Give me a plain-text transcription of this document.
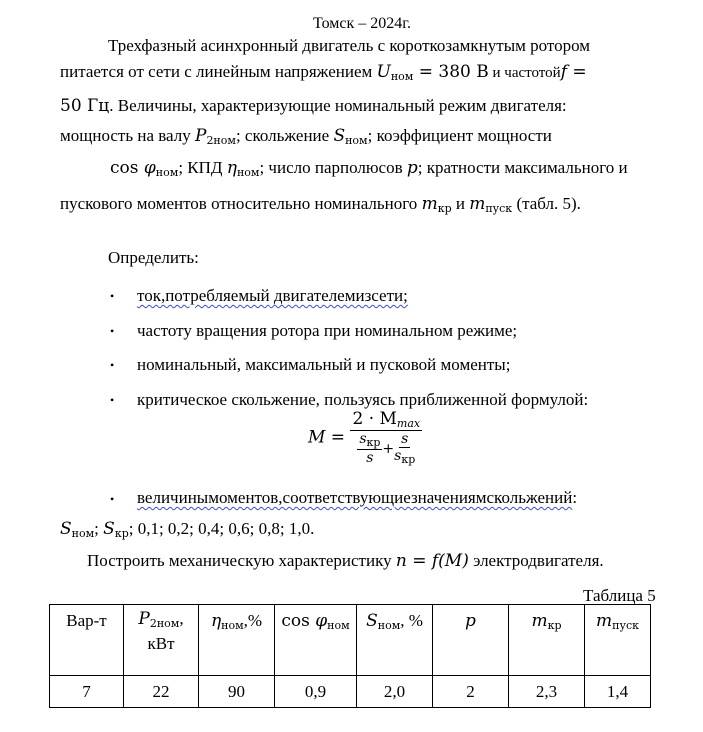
Томск – 2024г.
Трехфазный асинхронный двигатель с короткозамкнутым ротором
питается от сети с линейным напряжением $U_{ном} = 380$ В и частотойf =
50 Гц. Величины, характеризующие номинальный режим двигателя:
мощность на валу $P_{2ном}$; скольжение $S_{ном}$; коэффициент мощности
$\cos \varphi_{ном}$; КПД $\eta_{ном}$; число парполюсов p; кратности максимального и
пускового моментов относительно номинального $m_{кр}$ и $m_{пуск}$ (табл. 5).
Определить:
• ток,потребляемый двигателемизсети;
• частоту вращения ротора при номинальном режиме;
• номинальный, максимальный и пусковой моменты;
• критическое скольжение, пользуясь приближенной формулой:
M =
$2 \cdot M_{max}$
$\frac{s_{кр}}{s} + \frac{s}{s_{кр}}$
• величинымоментов,соответствующиезначениямскольжений:
$S_{ном}$; $S_{кр}$; 0,1; 0,2; 0,4; 0,6; 0,8; 1,0.
Построить механическую характеристику n = f(M) электродвигателя.
Таблица 5
Вар-т	$P_{2ном}$,
кВт	$\eta_{ном},\%$	$\cos \varphi_{ном}$	$S_{ном}$, %	p	$m_{кр}$	$m_{пуск}$
7	22	90	0,9	2,0	2	2,3	1,4
